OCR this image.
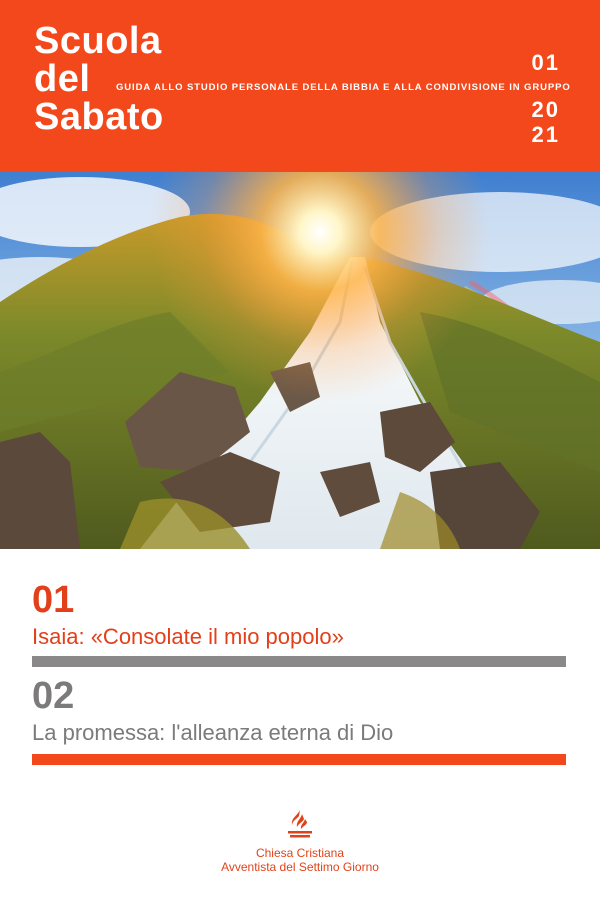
Scuola
del
Sabato
GUIDA ALLO STUDIO PERSONALE DELLA BIBBIA E ALLA CONDIVISIONE IN GRUPPO
01
20
21
01
Isaia: «Consolate il mio popolo»
02
La promessa: l'alleanza eterna di Dio
Chiesa Cristiana
Avventista del Settimo Giorno
